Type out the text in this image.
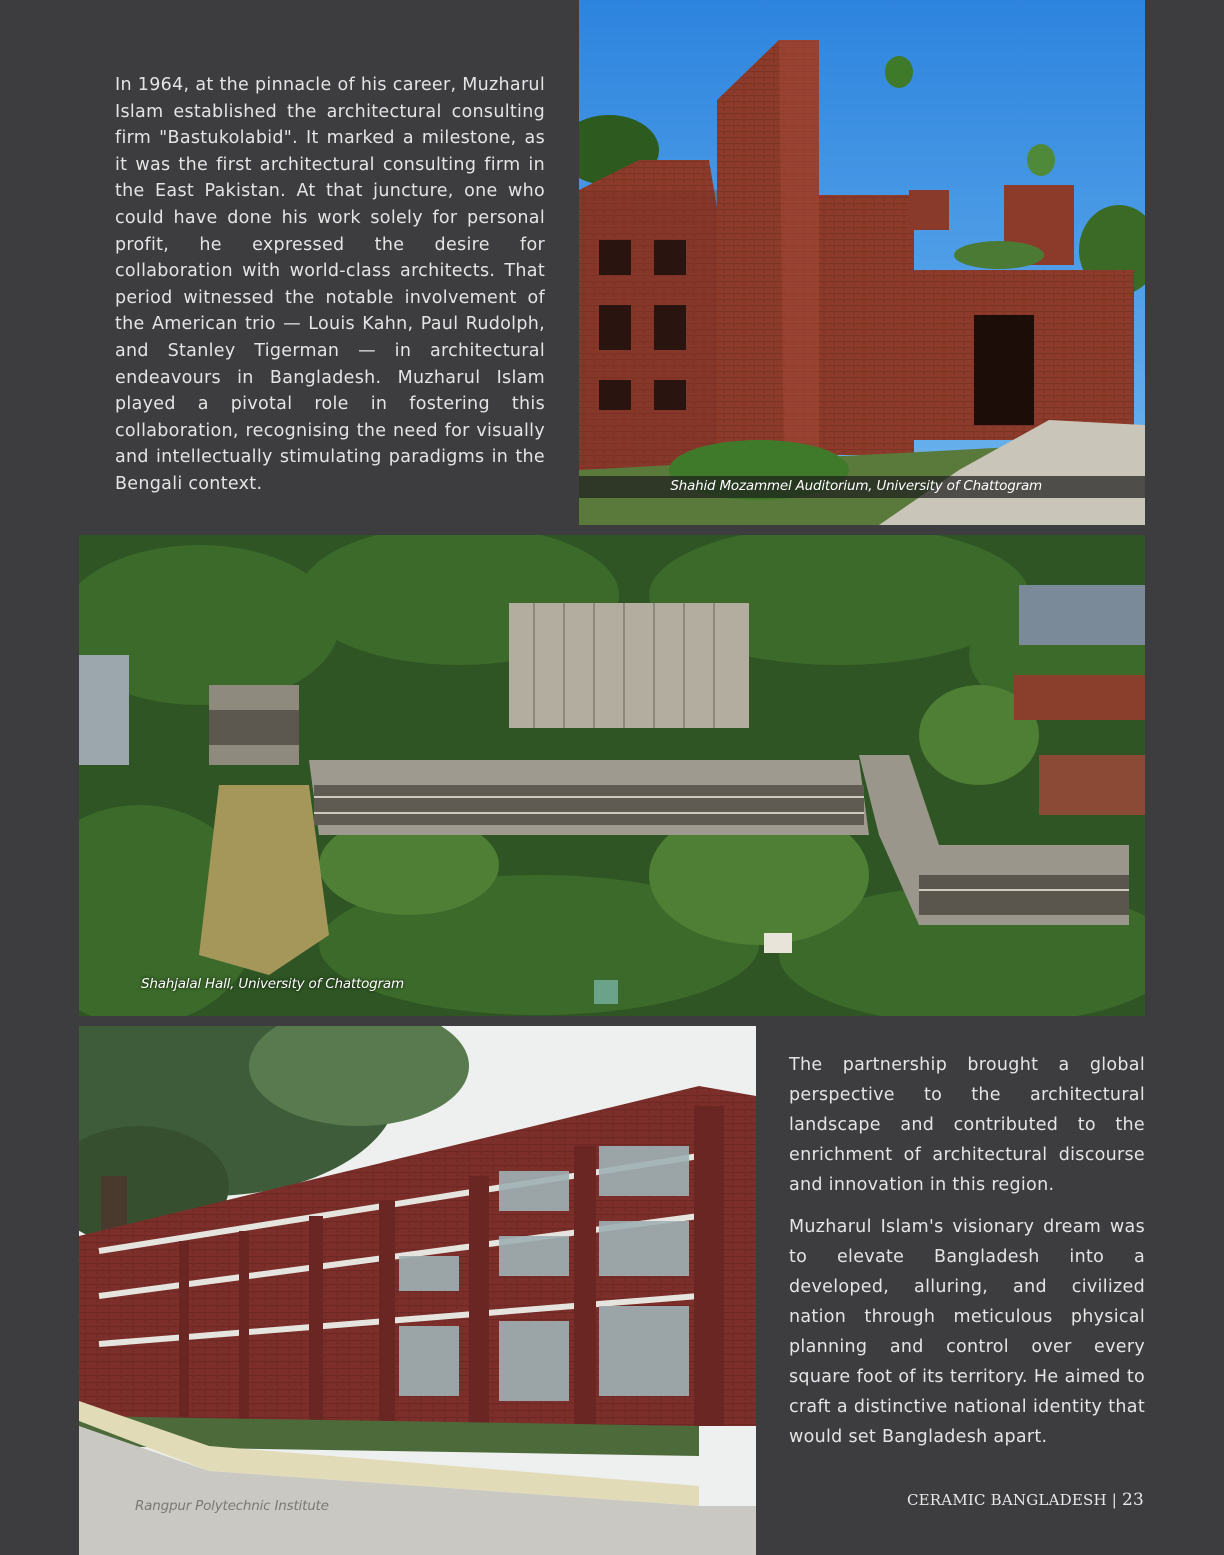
In 1964, at the pinnacle of his career, Muzharul Islam established the architectural consulting firm "Bastukolabid". It marked a milestone, as it was the first architectural consulting firm in the East Pakistan. At that juncture, one who could have done his work solely for personal profit, he expressed the desire for collaboration with world-class architects. That period witnessed the notable involvement of the American trio — Louis Kahn, Paul Rudolph, and Stanley Tigerman — in architectural endeavours in Bangladesh. Muzharul Islam played a pivotal role in fostering this collaboration, recognising the need for visually and intellectually stimulating paradigms in the Bengali context.	Shahid Mozammel Auditorium, University of Chattogram
Shahjalal Hall, University of Chattogram
Rangpur Polytechnic Institute

The partnership brought a global perspective to the architectural landscape and contributed to the enrichment of architectural discourse and innovation in this region.

Muzharul Islam's visionary dream was to elevate Bangladesh into a developed, alluring, and civilized nation through meticulous physical planning and control over every square foot of its territory. He aimed to craft a distinctive national identity that would set Bangladesh apart.

CERAMIC BANGLADESH | 23
